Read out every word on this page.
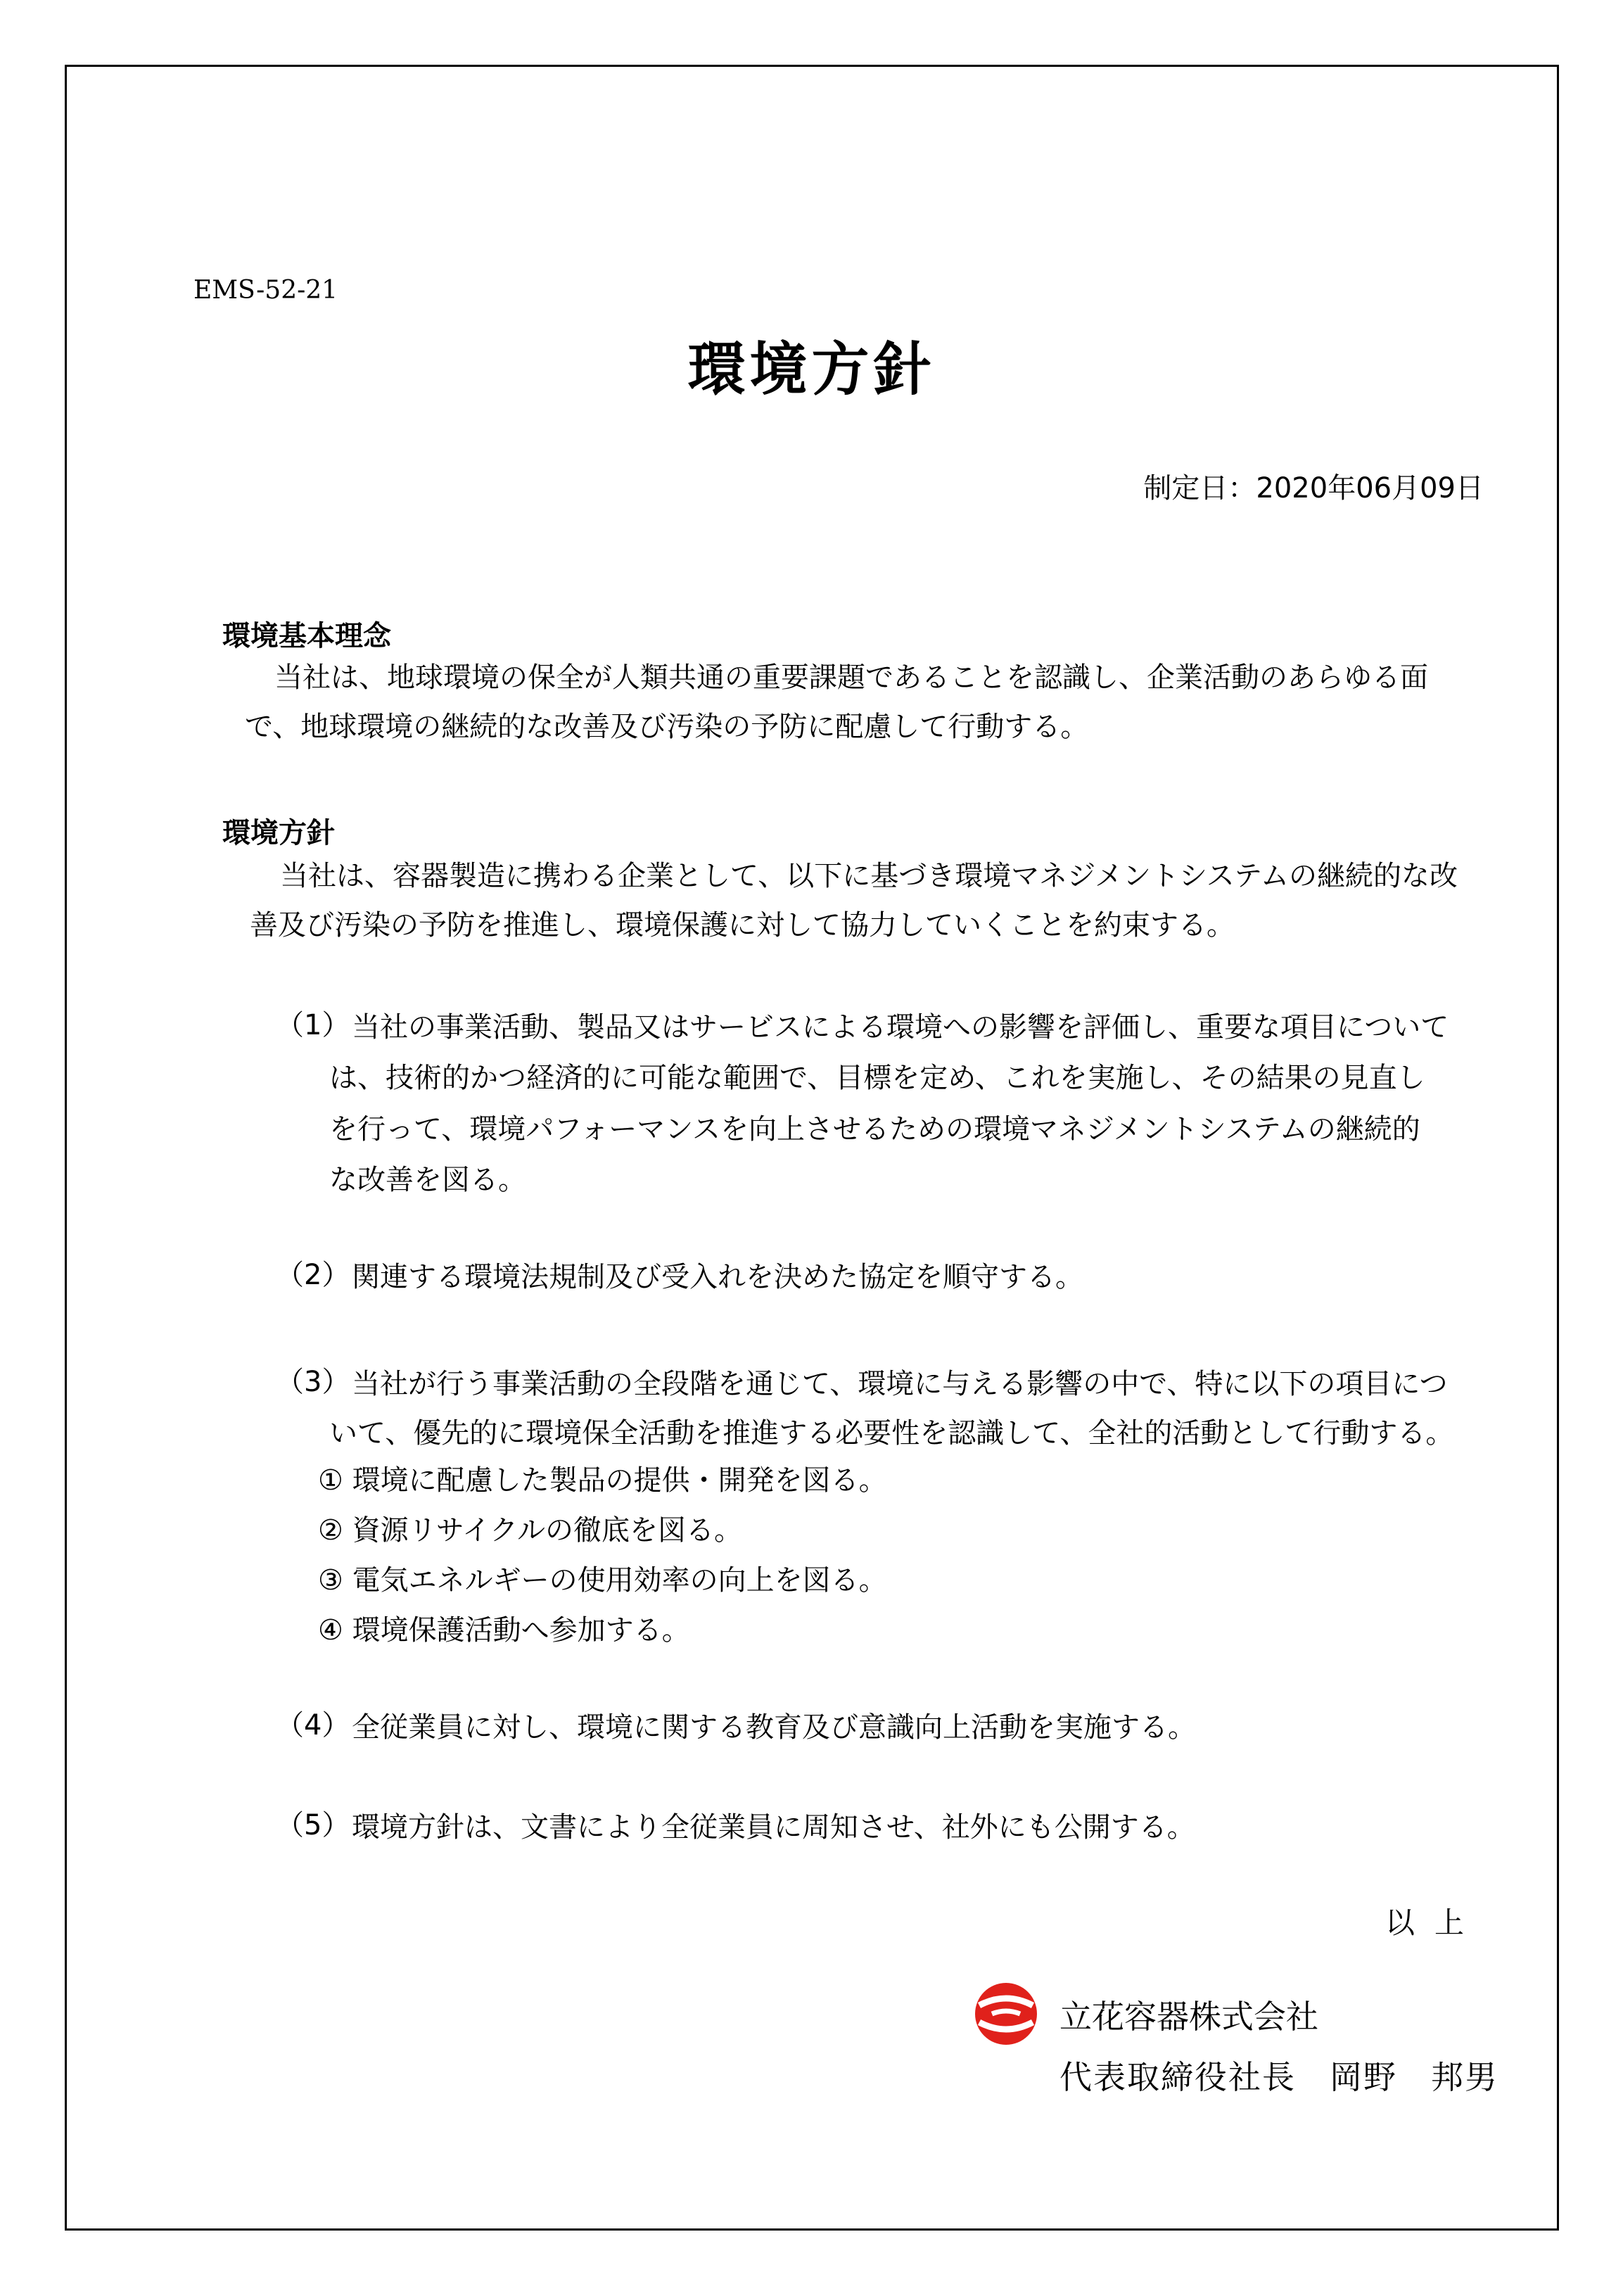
EMS-52-21
環境方針
制定日：2020年06月09日
環境基本理念
当社は、地球環境の保全が人類共通の重要課題であることを認識し、企業活動のあらゆる面
で、地球環境の継続的な改善及び汚染の予防に配慮して行動する。
環境方針
当社は、容器製造に携わる企業として、以下に基づき環境マネジメントシステムの継続的な改
善及び汚染の予防を推進し、環境保護に対して協力していくことを約束する。
（1） 当社の事業活動、製品又はサービスによる環境への影響を評価し、重要な項目について
は、技術的かつ経済的に可能な範囲で、目標を定め、これを実施し、その結果の見直し
を行って、環境パフォーマンスを向上させるための環境マネジメントシステムの継続的
な改善を図る。
（2） 関連する環境法規制及び受入れを決めた協定を順守する。
（3） 当社が行う事業活動の全段階を通じて、環境に与える影響の中で、特に以下の項目につ
いて、優先的に環境保全活動を推進する必要性を認識して、全社的活動として行動する。
① 環境に配慮した製品の提供・開発を図る。
② 資源リサイクルの徹底を図る。
③ 電気エネルギーの使用効率の向上を図る。
④ 環境保護活動へ参加する。
（4） 全従業員に対し、環境に関する教育及び意識向上活動を実施する。
（5） 環境方針は、文書により全従業員に周知させ、社外にも公開する。
以上
立花容器株式会社
代表取締役社長　岡野　邦男
